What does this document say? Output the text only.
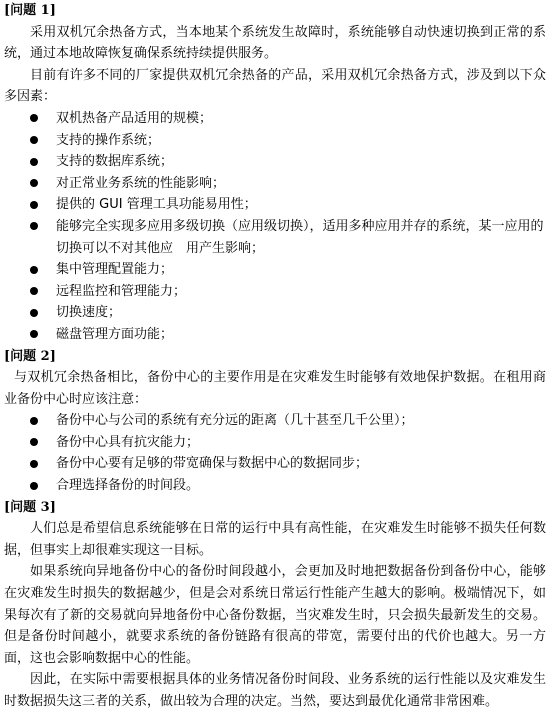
[问题 1]

采用双机冗余热备方式，当本地某个系统发生故障时，系统能够自动快速切换到正常的系统，通过本地故障恢复确保系统持续提供服务。

目前有许多不同的厂家提供双机冗余热备的产品，采用双机冗余热备方式，涉及到以下众多因素：

双机热备产品适用的规模；
支持的操作系统；
支持的数据库系统；
对正常业务系统的性能影响；
提供的 GUI 管理工具功能易用性；
能够完全实现多应用多级切换（应用级切换），适用多种应用并存的系统，某一应用的切换可以不对其他应　用产生影响；
集中管理配置能力；
远程监控和管理能力；
切换速度；
磁盘管理方面功能；
[问题 2]

与双机冗余热备相比，备份中心的主要作用是在灾难发生时能够有效地保护数据。在租用商业备份中心时应该注意：

备份中心与公司的系统有充分远的距离（几十甚至几千公里）；
备份中心具有抗灾能力；
备份中心要有足够的带宽确保与数据中心的数据同步；
合理选择备份的时间段。
[问题 3]

人们总是希望信息系统能够在日常的运行中具有高性能，在灾难发生时能够不损失任何数据，但事实上却很难实现这一目标。

如果系统向异地备份中心的备份时间段越小，会更加及时地把数据备份到备份中心，能够在灾难发生时损失的数据越少，但是会对系统日常运行性能产生越大的影响。极端情况下，如果每次有了新的交易就向异地备份中心备份数据，当灾难发生时，只会损失最新发生的交易。但是备份时间越小，就要求系统的备份链路有很高的带宽，需要付出的代价也越大。另一方面，这也会影响数据中心的性能。

因此，在实际中需要根据具体的业务情况备份时间段、业务系统的运行性能以及灾难发生时数据损失这三者的关系，做出较为合理的决定。当然，要达到最优化通常非常困难。
